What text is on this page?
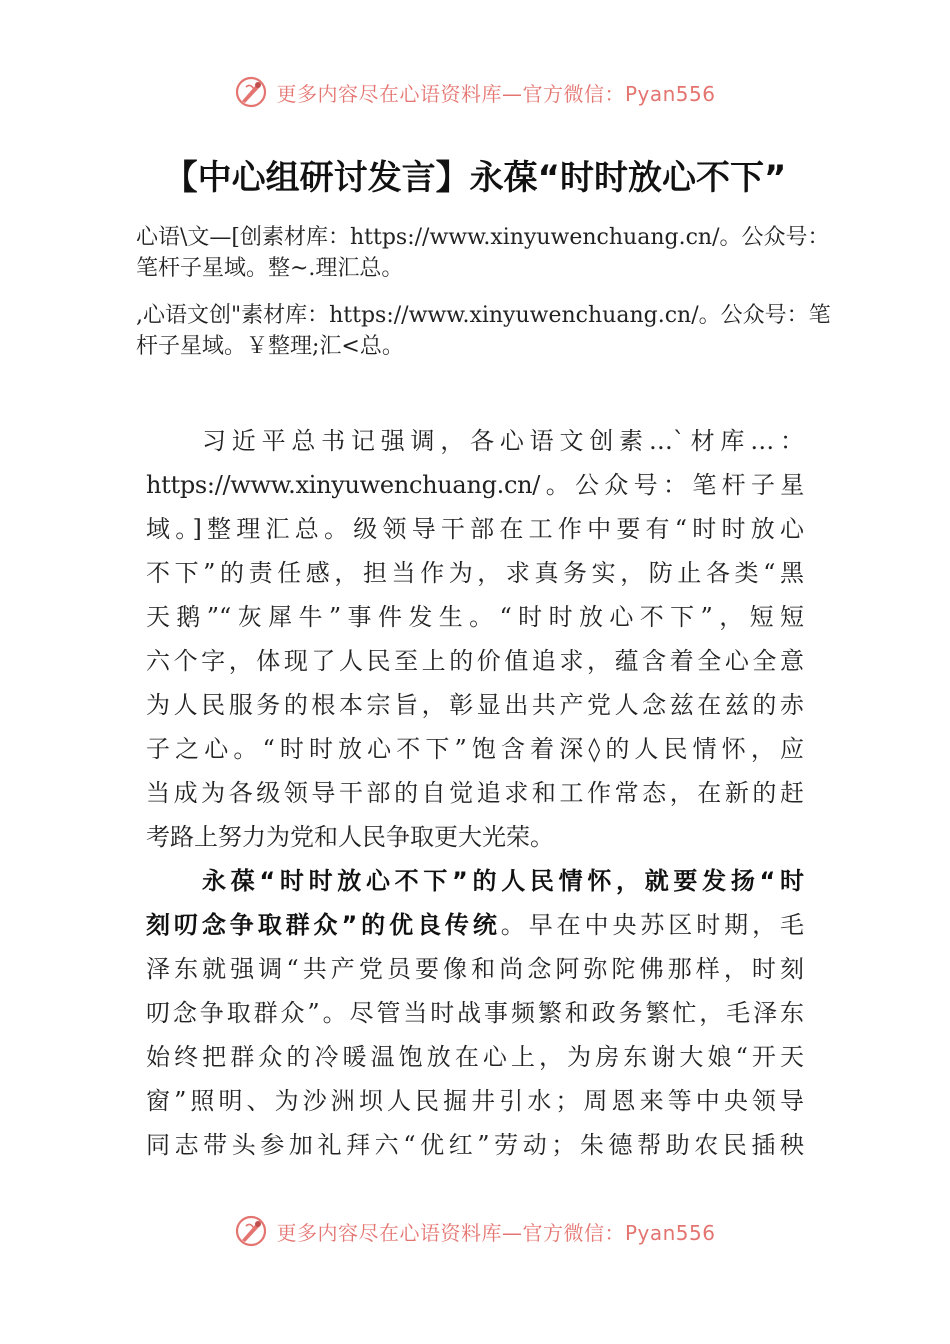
更多内容尽在心语资料库—官方微信：Pyan556
【中心组研讨发言】永葆“时时放心不下”

心语\文—[创素材库：https://www.xinyuwenchuang.cn/。公众号：笔杆子星域。整~.理汇总。

,心语文创"素材库：https://www.xinyuwenchuang.cn/。公众号：笔杆子星域。￥整理;汇<总。

习近平总书记强调，各心语文创素…`材库…：
https://www.xinyuwenchuang.cn/。公众号：笔杆子星
域。]整理汇总。级领导干部在工作中要有“时时放心
不下”的责任感，担当作为，求真务实，防止各类“黑
天鹅”“灰犀牛”事件发生。“时时放心不下”，短短
六个字，体现了人民至上的价值追求，蕴含着全心全意
为人民服务的根本宗旨，彰显出共产党人念兹在兹的赤
子之心。“时时放心不下”饱含着深◊的人民情怀，应
当成为各级领导干部的自觉追求和工作常态，在新的赶
考路上努力为党和人民争取更大光荣。
永葆“时时放心不下”的人民情怀，就要发扬“时
刻叨念争取群众”的优良传统。早在中央苏区时期，毛
泽东就强调“共产党员要像和尚念阿弥陀佛那样，时刻
叨念争取群众”。尽管当时战事频繁和政务繁忙，毛泽东
始终把群众的冷暖温饱放在心上，为房东谢大娘“开天
窗”照明、为沙洲坝人民掘井引水；周恩来等中央领导
同志带头参加礼拜六“优红”劳动；朱德帮助农民插秧
更多内容尽在心语资料库—官方微信：Pyan556
